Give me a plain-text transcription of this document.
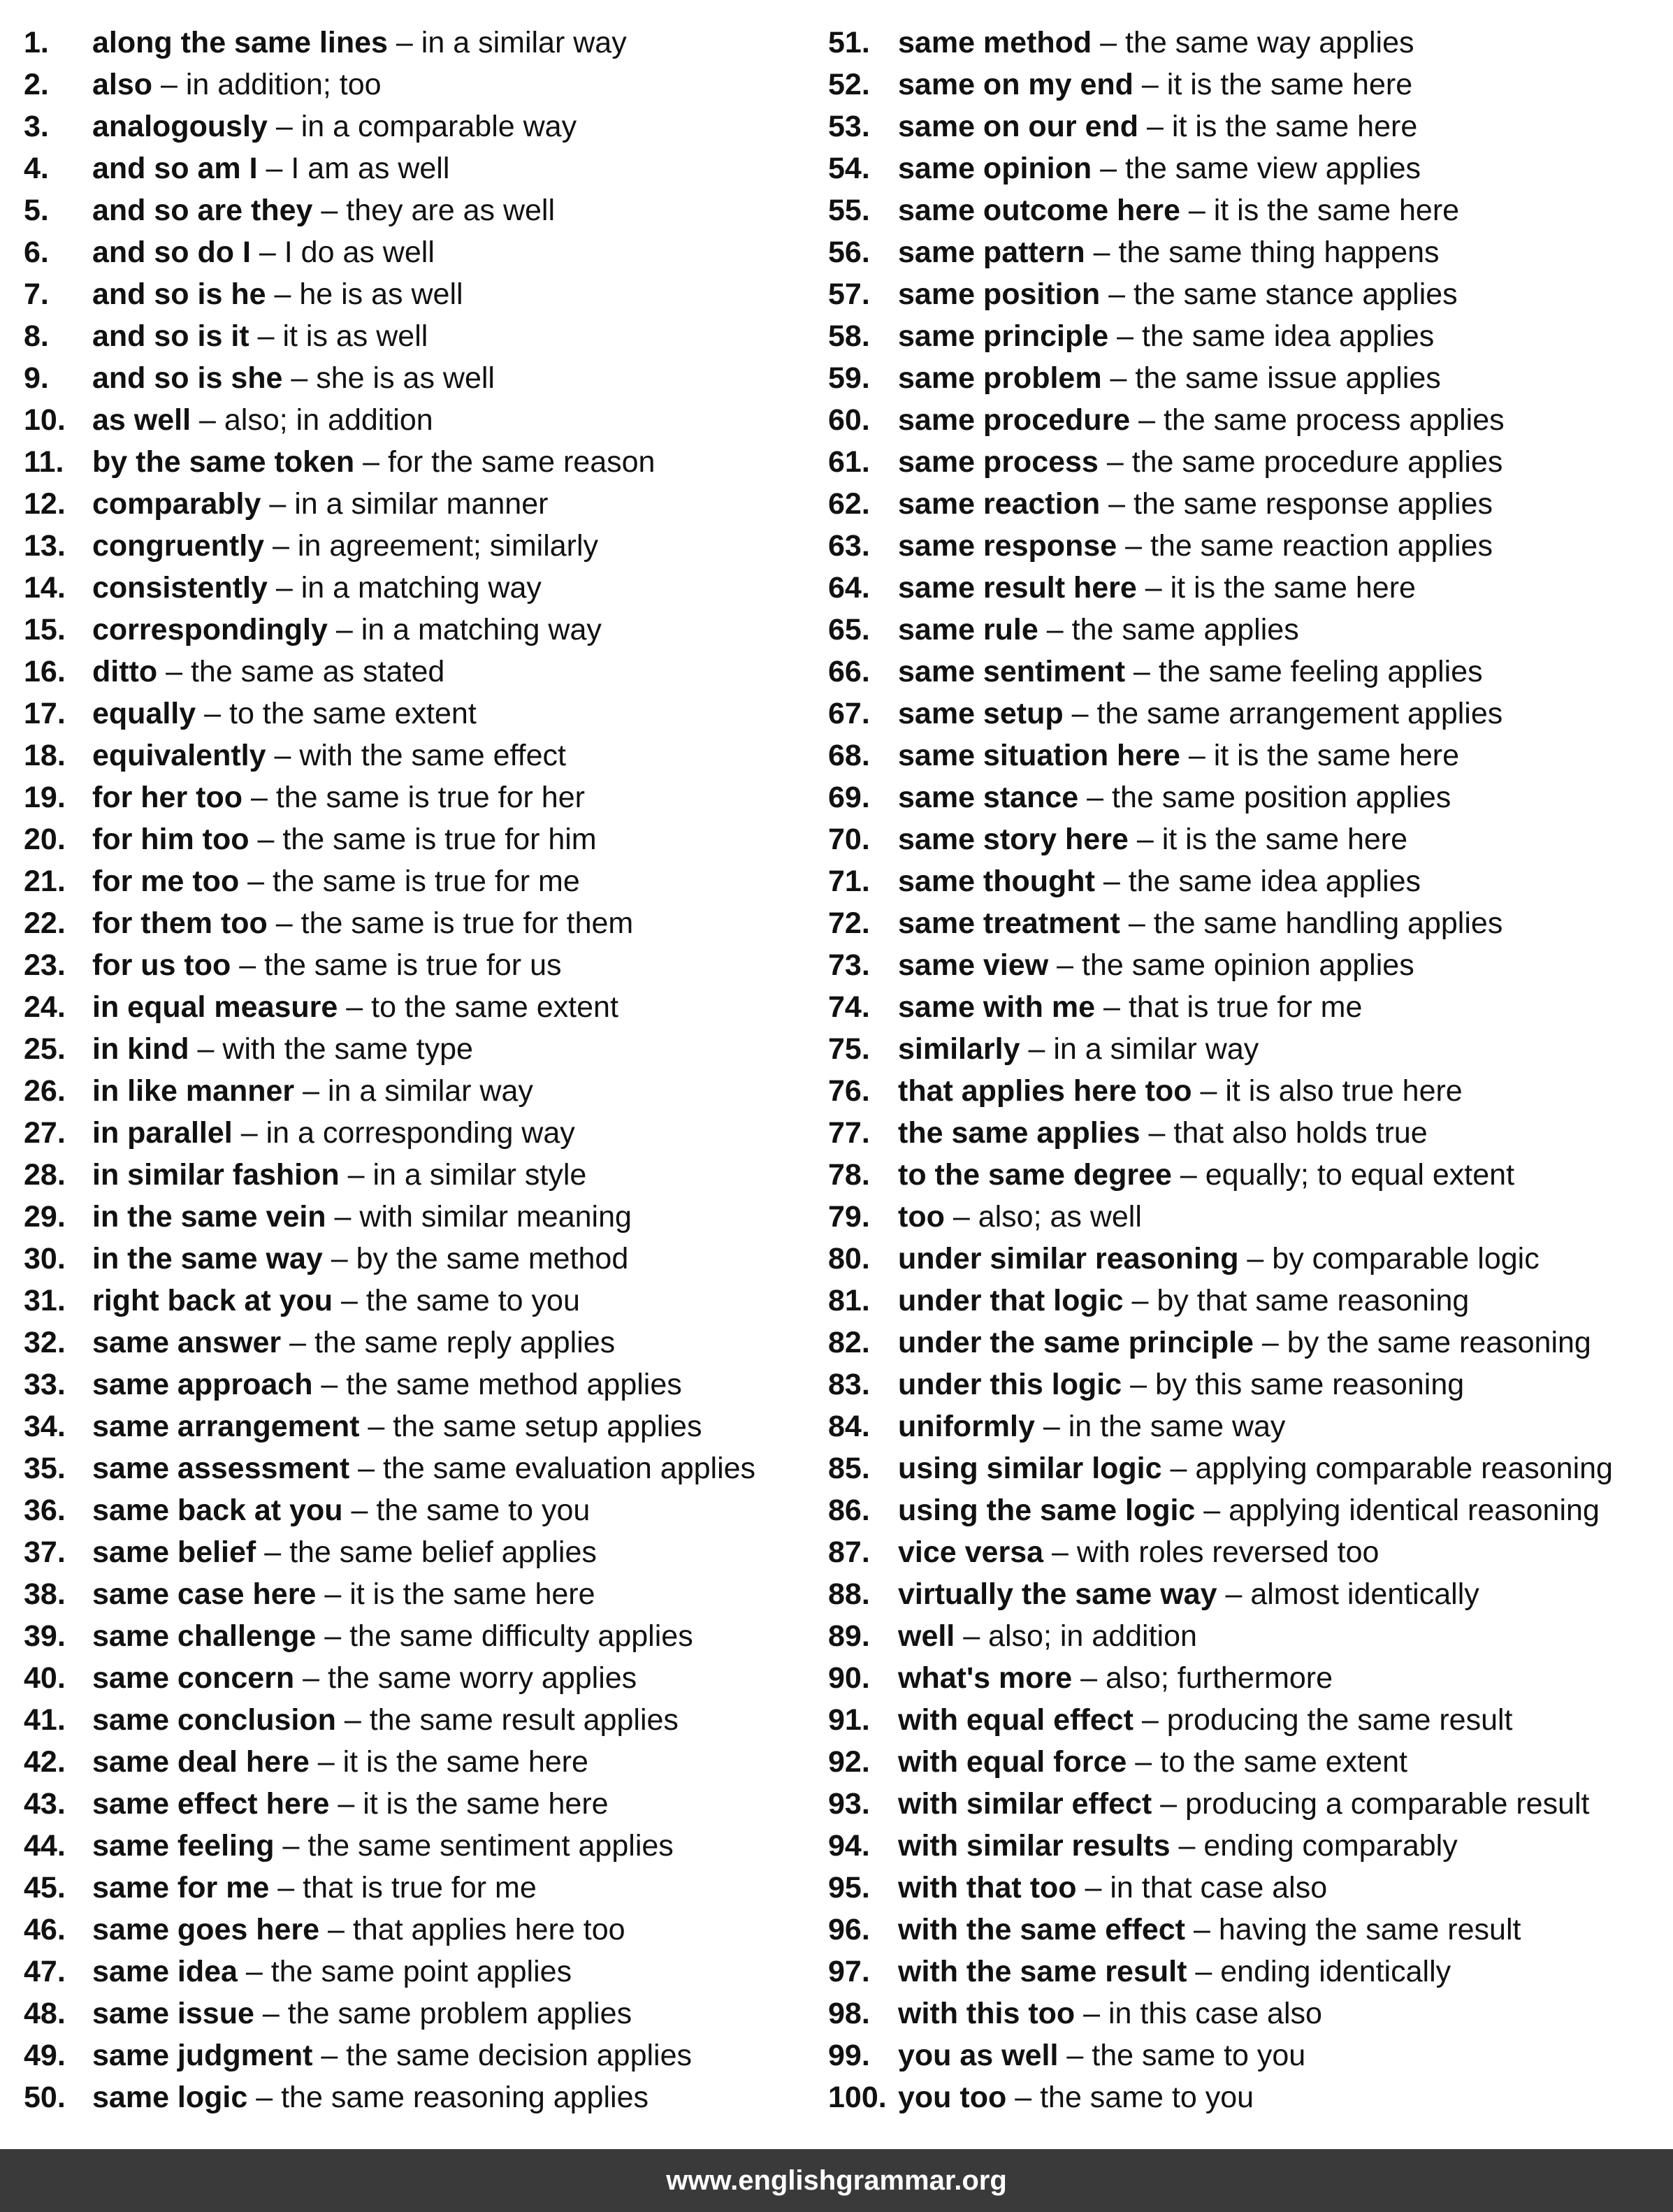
1. along the same lines – in a similar way
2. also – in addition; too
3. analogously – in a comparable way
4. and so am I – I am as well
5. and so are they – they are as well
6. and so do I – I do as well
7. and so is he – he is as well
8. and so is it – it is as well
9. and so is she – she is as well
10. as well – also; in addition
11. by the same token – for the same reason
12. comparably – in a similar manner
13. congruently – in agreement; similarly
14. consistently – in a matching way
15. correspondingly – in a matching way
16. ditto – the same as stated
17. equally – to the same extent
18. equivalently – with the same effect
19. for her too – the same is true for her
20. for him too – the same is true for him
21. for me too – the same is true for me
22. for them too – the same is true for them
23. for us too – the same is true for us
24. in equal measure – to the same extent
25. in kind – with the same type
26. in like manner – in a similar way
27. in parallel – in a corresponding way
28. in similar fashion – in a similar style
29. in the same vein – with similar meaning
30. in the same way – by the same method
31. right back at you – the same to you
32. same answer – the same reply applies
33. same approach – the same method applies
34. same arrangement – the same setup applies
35. same assessment – the same evaluation applies
36. same back at you – the same to you
37. same belief – the same belief applies
38. same case here – it is the same here
39. same challenge – the same difficulty applies
40. same concern – the same worry applies
41. same conclusion – the same result applies
42. same deal here – it is the same here
43. same effect here – it is the same here
44. same feeling – the same sentiment applies
45. same for me – that is true for me
46. same goes here – that applies here too
47. same idea – the same point applies
48. same issue – the same problem applies
49. same judgment – the same decision applies
50. same logic – the same reasoning applies
51. same method – the same way applies
52. same on my end – it is the same here
53. same on our end – it is the same here
54. same opinion – the same view applies
55. same outcome here – it is the same here
56. same pattern – the same thing happens
57. same position – the same stance applies
58. same principle – the same idea applies
59. same problem – the same issue applies
60. same procedure – the same process applies
61. same process – the same procedure applies
62. same reaction – the same response applies
63. same response – the same reaction applies
64. same result here – it is the same here
65. same rule – the same applies
66. same sentiment – the same feeling applies
67. same setup – the same arrangement applies
68. same situation here – it is the same here
69. same stance – the same position applies
70. same story here – it is the same here
71. same thought – the same idea applies
72. same treatment – the same handling applies
73. same view – the same opinion applies
74. same with me – that is true for me
75. similarly – in a similar way
76. that applies here too – it is also true here
77. the same applies – that also holds true
78. to the same degree – equally; to equal extent
79. too – also; as well
80. under similar reasoning – by comparable logic
81. under that logic – by that same reasoning
82. under the same principle – by the same reasoning
83. under this logic – by this same reasoning
84. uniformly – in the same way
85. using similar logic – applying comparable reasoning
86. using the same logic – applying identical reasoning
87. vice versa – with roles reversed too
88. virtually the same way – almost identically
89. well – also; in addition
90. what's more – also; furthermore
91. with equal effect – producing the same result
92. with equal force – to the same extent
93. with similar effect – producing a comparable result
94. with similar results – ending comparably
95. with that too – in that case also
96. with the same effect – having the same result
97. with the same result – ending identically
98. with this too – in this case also
99. you as well – the same to you
100. you too – the same to you
www.englishgrammar.org
